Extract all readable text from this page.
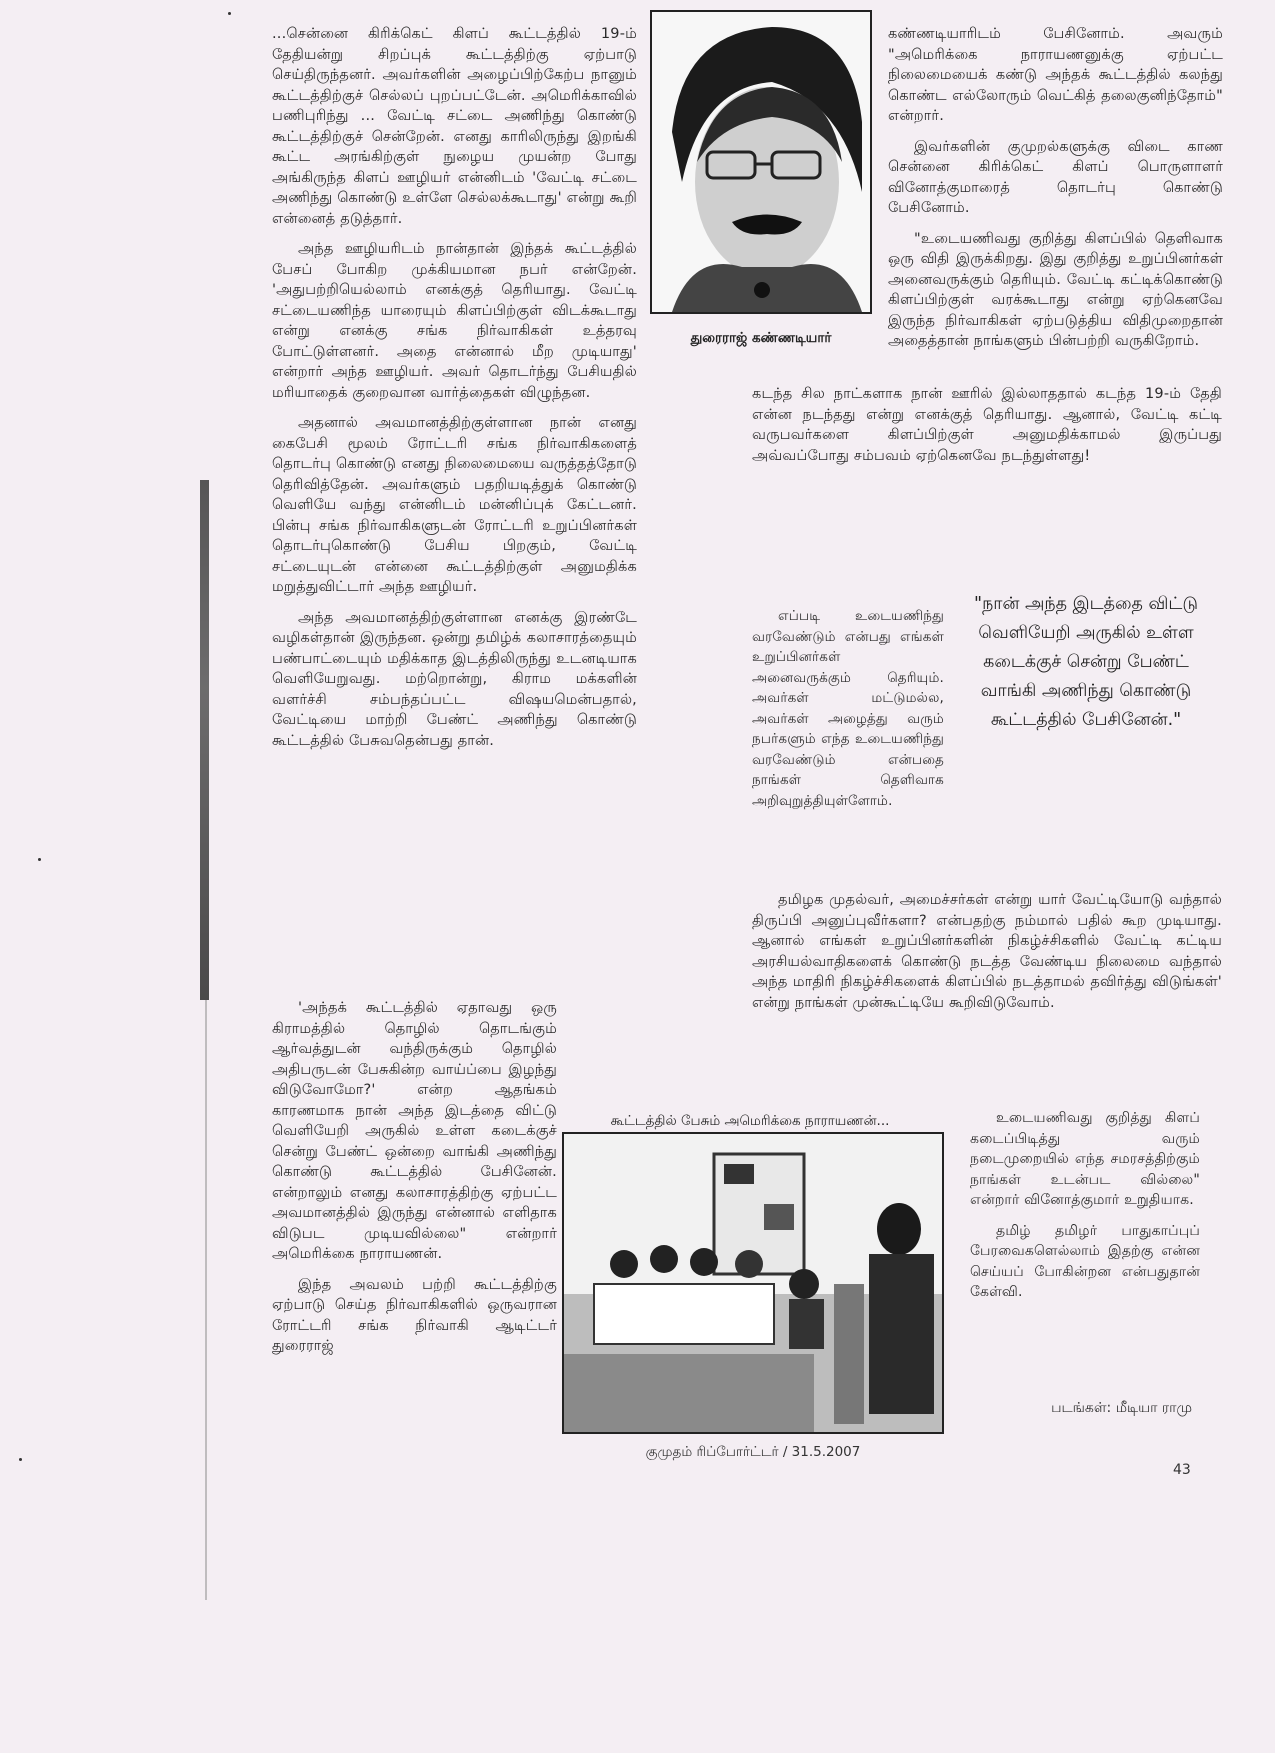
...சென்னை கிரிக்கெட் கிளப் கூட்டத்தில் 19-ம் தேதியன்று சிறப்புக் கூட்டத்திற்கு ஏற்பாடு செய்திருந்தனர். அவர்களின் அழைப்பிற்கேற்ப நானும் கூட்டத்திற்குச் செல்லப் புறப்பட்டேன். அமெரிக்காவில் பணிபுரிந்து ... வேட்டி சட்டை அணிந்து கொண்டு கூட்டத்திற்குச் சென்றேன். எனது காரிலிருந்து இறங்கி கூட்ட அரங்கிற்குள் நுழைய முயன்ற போது அங்கிருந்த கிளப் ஊழியர் என்னிடம் 'வேட்டி சட்டை அணிந்து கொண்டு உள்ளே செல்லக்கூடாது' என்று கூறி என்னைத் தடுத்தார்.

அந்த ஊழியரிடம் நான்தான் இந்தக் கூட்டத்தில் பேசப் போகிற முக்கியமான நபர் என்றேன். 'அதுபற்றியெல்லாம் எனக்குத் தெரியாது. வேட்டி சட்டையணிந்த யாரையும் கிளப்பிற்குள் விடக்கூடாது என்று எனக்கு சங்க நிர்வாகிகள் உத்தரவு போட்டுள்ளனர். அதை என்னால் மீற முடியாது' என்றார் அந்த ஊழியர். அவர் தொடர்ந்து பேசியதில் மரியாதைக் குறைவான வார்த்தைகள் விழுந்தன.

அதனால் அவமானத்திற்குள்ளான நான் எனது கைபேசி மூலம் ரோட்டரி சங்க நிர்வாகிகளைத் தொடர்பு கொண்டு எனது நிலைமையை வருத்தத்தோடு தெரிவித்தேன். அவர்களும் பதறியடித்துக் கொண்டு வெளியே வந்து என்னிடம் மன்னிப்புக் கேட்டனர். பின்பு சங்க நிர்வாகிகளுடன் ரோட்டரி உறுப்பினர்கள் தொடர்புகொண்டு பேசிய பிறகும், வேட்டி சட்டையுடன் என்னை கூட்டத்திற்குள் அனுமதிக்க மறுத்துவிட்டார் அந்த ஊழியர்.

அந்த அவமானத்திற்குள்ளான எனக்கு இரண்டே வழிகள்தான் இருந்தன. ஒன்று தமிழ்க் கலாசாரத்தையும் பண்பாட்டையும் மதிக்காத இடத்திலிருந்து உடனடியாக வெளியேறுவது. மற்றொன்று, கிராம மக்களின் வளர்ச்சி சம்பந்தப்பட்ட விஷயமென்பதால், வேட்டியை மாற்றி பேண்ட் அணிந்து கொண்டு கூட்டத்தில் பேசுவதென்பது தான்.

'அந்தக் கூட்டத்தில் ஏதாவது ஒரு கிராமத்தில் தொழில் தொடங்கும் ஆர்வத்துடன் வந்திருக்கும் தொழில் அதிபருடன் பேசுகின்ற வாய்ப்பை இழந்து விடுவோமோ?' என்ற ஆதங்கம் காரணமாக நான் அந்த இடத்தை விட்டு வெளியேறி அருகில் உள்ள கடைக்குச் சென்று பேண்ட் ஒன்றை வாங்கி அணிந்து கொண்டு கூட்டத்தில் பேசினேன். என்றாலும் எனது கலாசாரத்திற்கு ஏற்பட்ட அவமானத்தில் இருந்து என்னால் எளிதாக விடுபட முடியவில்லை" என்றார் அமெரிக்கை நாராயணன்.

இந்த அவலம் பற்றி கூட்டத்திற்கு ஏற்பாடு செய்த நிர்வாகிகளில் ஒருவரான ரோட்டரி சங்க நிர்வாகி ஆடிட்டர் துரைராஜ்

துரைராஜ் கண்ணடியார்

கண்ணடியாரிடம் பேசினோம். அவரும் "அமெரிக்கை நாராயணனுக்கு ஏற்பட்ட நிலைமையைக் கண்டு அந்தக் கூட்டத்தில் கலந்து கொண்ட எல்லோரும் வெட்கித் தலைகுனிந்தோம்" என்றார்.

இவர்களின் குமுறல்களுக்கு விடை காண சென்னை கிரிக்கெட் கிளப் பொருளாளர் வினோத்குமாரைத் தொடர்பு கொண்டு பேசினோம்.

"உடையணிவது குறித்து கிளப்பில் தெளிவாக ஒரு விதி இருக்கிறது. இது குறித்து உறுப்பினர்கள் அனைவருக்கும் தெரியும். வேட்டி கட்டிக்கொண்டு கிளப்பிற்குள் வரக்கூடாது என்று ஏற்கெனவே இருந்த நிர்வாகிகள் ஏற்படுத்திய விதிமுறைதான் அதைத்தான் நாங்களும் பின்பற்றி வருகிறோம்.

கடந்த சில நாட்களாக நான் ஊரில் இல்லாததால் கடந்த 19-ம் தேதி என்ன நடந்தது என்று எனக்குத் தெரியாது. ஆனால், வேட்டி கட்டி வருபவர்களை கிளப்பிற்குள் அனுமதிக்காமல் இருப்பது அவ்வப்போது சம்பவம் ஏற்கெனவே நடந்துள்ளது!

எப்படி உடையணிந்து வரவேண்டும் என்பது எங்கள் உறுப்பினர்கள் அனைவருக்கும் தெரியும். அவர்கள் மட்டுமல்ல, அவர்கள் அழைத்து வரும் நபர்களும் எந்த உடையணிந்து வரவேண்டும் என்பதை நாங்கள் தெளிவாக அறிவுறுத்தியுள்ளோம்.

"நான் அந்த இடத்தை விட்டு வெளியேறி அருகில் உள்ள கடைக்குச் சென்று பேண்ட் வாங்கி அணிந்து கொண்டு கூட்டத்தில் பேசினேன்."

தமிழக முதல்வர், அமைச்சர்கள் என்று யார் வேட்டியோடு வந்தால் திருப்பி அனுப்புவீர்களா? என்பதற்கு நம்மால் பதில் கூற முடியாது. ஆனால் எங்கள் உறுப்பினர்களின் நிகழ்ச்சிகளில் வேட்டி கட்டிய அரசியல்வாதிகளைக் கொண்டு நடத்த வேண்டிய நிலைமை வந்தால் அந்த மாதிரி நிகழ்ச்சிகளைக் கிளப்பில் நடத்தாமல் தவிர்த்து விடுங்கள்' என்று நாங்கள் முன்கூட்டியே கூறிவிடுவோம்.

கூட்டத்தில் பேசும் அமெரிக்கை நாராயணன்...
குமுதம் ரிப்போர்ட்டர் / 31.5.2007

உடையணிவது குறித்து கிளப் கடைப்பிடித்து வரும் நடைமுறையில் எந்த சமரசத்திற்கும் நாங்கள் உடன்பட வில்லை" என்றார் வினோத்குமார் உறுதியாக.

தமிழ் தமிழர் பாதுகாப்புப் பேரவைகளெல்லாம் இதற்கு என்ன செய்யப் போகின்றன என்பதுதான் கேள்வி.

படங்கள்: மீடியா ராமு
43
